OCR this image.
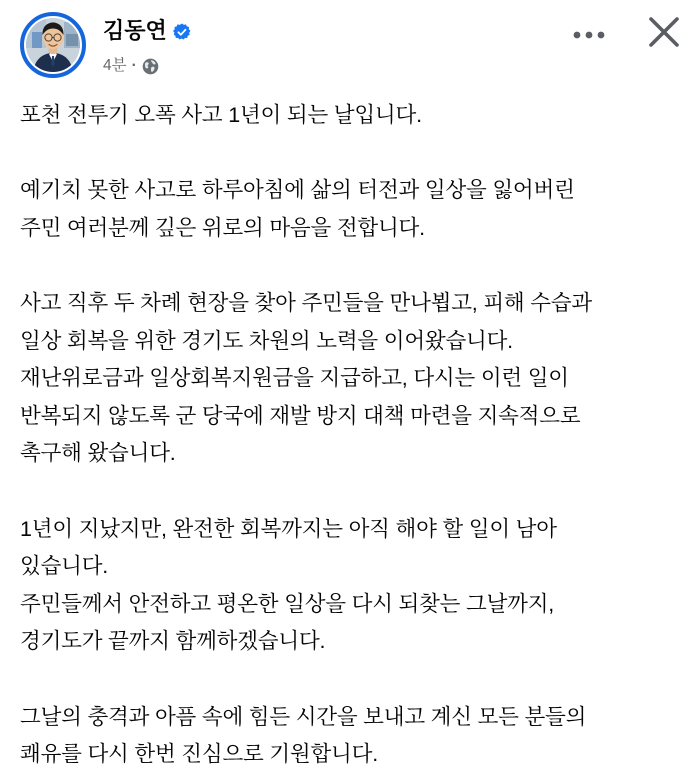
김동연
4분 ·
포천 전투기 오폭 사고 1년이 되는 날입니다.
예기치 못한 사고로 하루아침에 삶의 터전과 일상을 잃어버린
주민 여러분께 깊은 위로의 마음을 전합니다.
사고 직후 두 차례 현장을 찾아 주민들을 만나뵙고, 피해 수습과
일상 회복을 위한 경기도 차원의 노력을 이어왔습니다.
재난위로금과 일상회복지원금을 지급하고, 다시는 이런 일이
반복되지 않도록 군 당국에 재발 방지 대책 마련을 지속적으로
촉구해 왔습니다.
1년이 지났지만, 완전한 회복까지는 아직 해야 할 일이 남아
있습니다.
주민들께서 안전하고 평온한 일상을 다시 되찾는 그날까지,
경기도가 끝까지 함께하겠습니다.
그날의 충격과 아픔 속에 힘든 시간을 보내고 계신 모든 분들의
쾌유를 다시 한번 진심으로 기원합니다.
